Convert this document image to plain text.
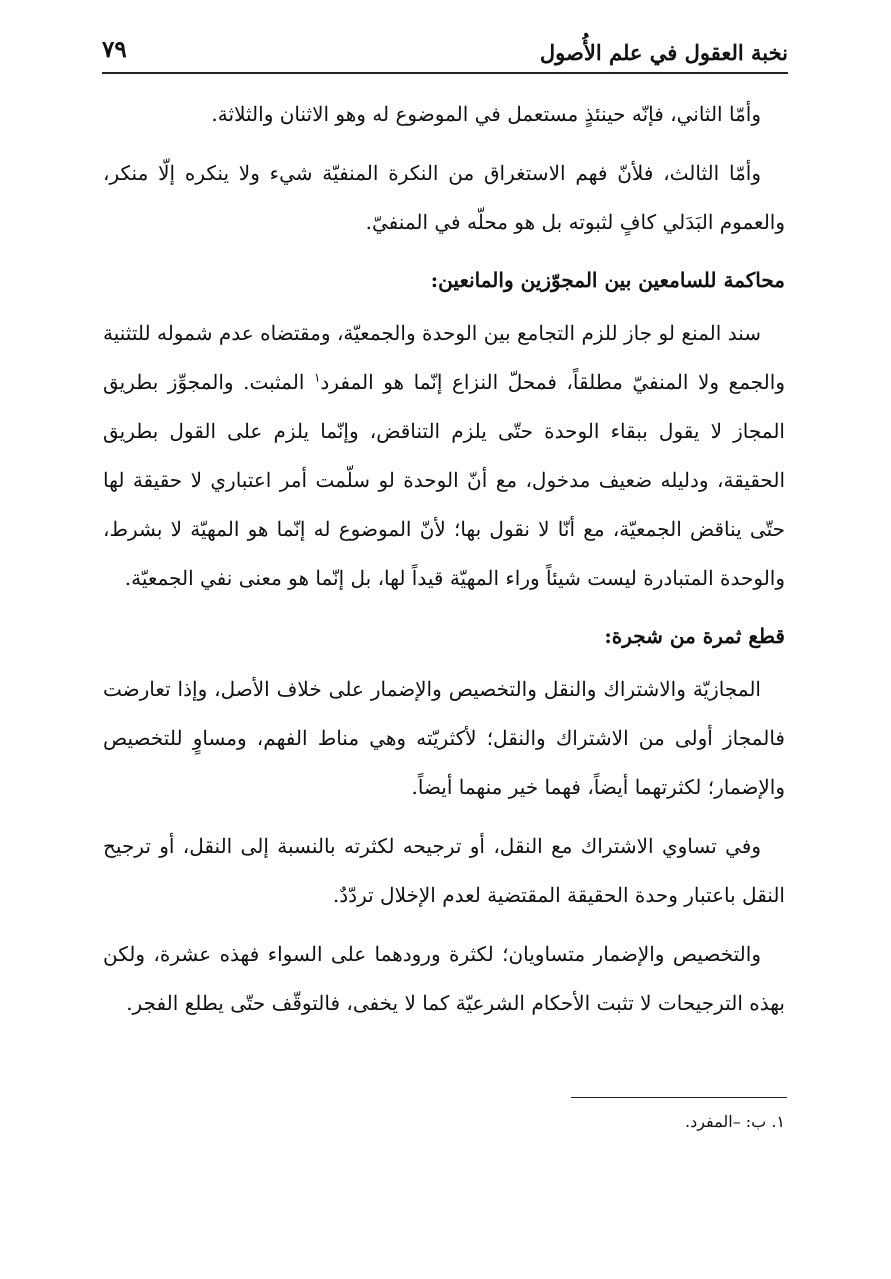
نخبة العقول في علم الأُصول
٧٩

وأمّا الثاني، فإنّه حينئذٍ مستعمل في الموضوع له وهو الاثنان والثلاثة.

وأمّا الثالث، فلأنّ فهم الاستغراق من النكرة المنفيّة شيء ولا ينكره إلّا منكر، والعموم البَدَلي كافٍ لثبوته بل هو محلّه في المنفيّ.

محاكمة للسامعين بين المجوّزين والمانعين:

سند المنع لو جاز للزم التجامع بين الوحدة والجمعيّة، ومقتضاه عدم شموله للتثنية والجمع ولا المنفيّ مطلقاً، فمحلّ النزاع إنّما هو المفرد$^١$ المثبت. والمجوِّز بطريق المجاز لا يقول ببقاء الوحدة حتّى يلزم التناقض، وإنّما يلزم على القول بطريق الحقيقة، ودليله ضعيف مدخول، مع أنّ الوحدة لو سلّمت أمر اعتباري لا حقيقة لها حتّى يناقض الجمعيّة، مع أنّا لا نقول بها؛ لأنّ الموضوع له إنّما هو المهيّة لا بشرط، والوحدة المتبادرة ليست شيئاً وراء المهيّة قيداً لها، بل إنّما هو معنى نفي الجمعيّة.

قطع ثمرة من شجرة:

المجازيّة والاشتراك والنقل والتخصيص والإضمار على خلاف الأصل، وإذا تعارضت فالمجاز أولى من الاشتراك والنقل؛ لأكثريّته وهي مناط الفهم، ومساوٍ للتخصيص والإضمار؛ لكثرتهما أيضاً، فهما خير منهما أيضاً.

وفي تساوي الاشتراك مع النقل، أو ترجيحه لكثرته بالنسبة إلى النقل، أو ترجيح النقل باعتبار وحدة الحقيقة المقتضية لعدم الإخلال تردّدٌ.

والتخصيص والإضمار متساويان؛ لكثرة ورودهما على السواء فهذه عشرة، ولكن بهذه الترجيحات لا تثبت الأحكام الشرعيّة كما لا يخفى، فالتوقّف حتّى يطلع الفجر.

١. ب: –المفرد.
